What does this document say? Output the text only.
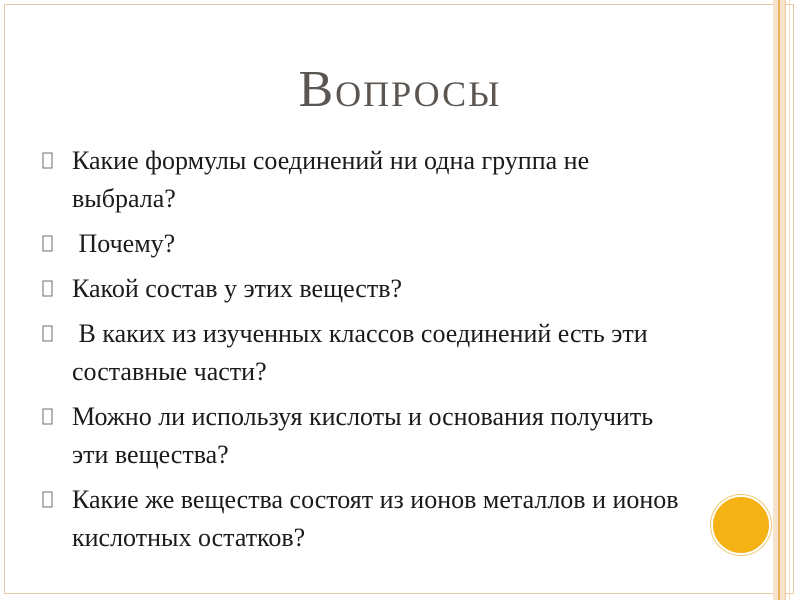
Вопросы
Какие формулы соединений ни одна группа не выбрала?
Почему?
Какой состав у этих веществ?
В каких из изученных классов соединений есть эти составные части?
Можно ли используя кислоты и основания получить эти вещества?
Какие же вещества состоят из ионов металлов и ионов кислотных остатков?
